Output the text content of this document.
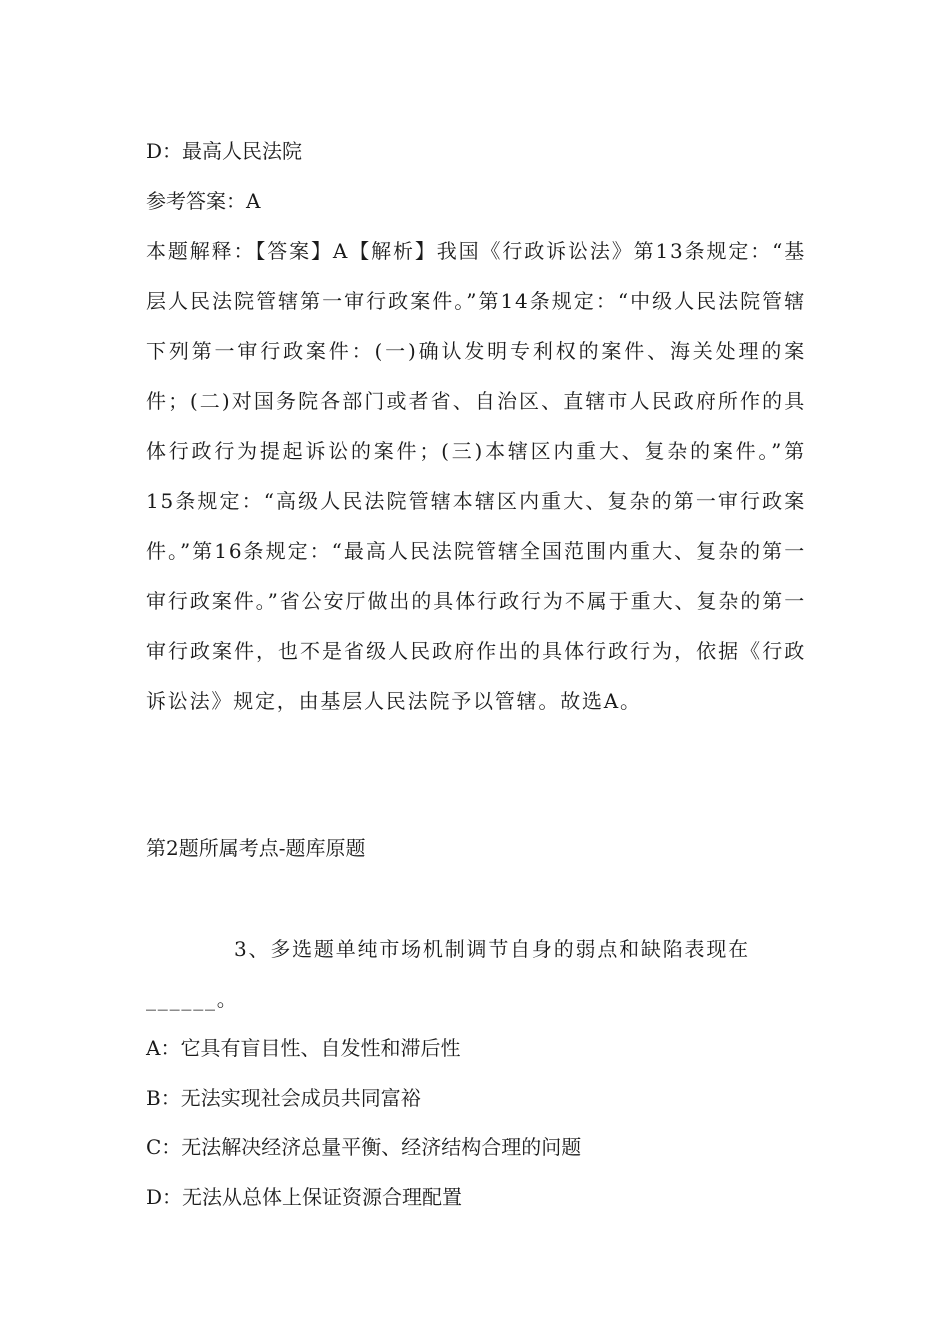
D：最高人民法院
参考答案：A
本题解释：【答案】A【解析】我国《行政诉讼法》第13条规定：“基层人民法院管辖第一审行政案件。”第14条规定：“中级人民法院管辖下列第一审行政案件：(一)确认发明专利权的案件、海关处理的案件；(二)对国务院各部门或者省、自治区、直辖市人民政府所作的具体行政行为提起诉讼的案件；(三)本辖区内重大、复杂的案件。”第15条规定：“高级人民法院管辖本辖区内重大、复杂的第一审行政案件。”第16条规定：“最高人民法院管辖全国范围内重大、复杂的第一审行政案件。”省公安厅做出的具体行政行为不属于重大、复杂的第一审行政案件，也不是省级人民政府作出的具体行政行为，依据《行政诉讼法》规定，由基层人民法院予以管辖。故选A。
第2题所属考点-题库原题
3、多选题单纯市场机制调节自身的弱点和缺陷表现在______。
A：它具有盲目性、自发性和滞后性
B：无法实现社会成员共同富裕
C：无法解决经济总量平衡、经济结构合理的问题
D：无法从总体上保证资源合理配置
